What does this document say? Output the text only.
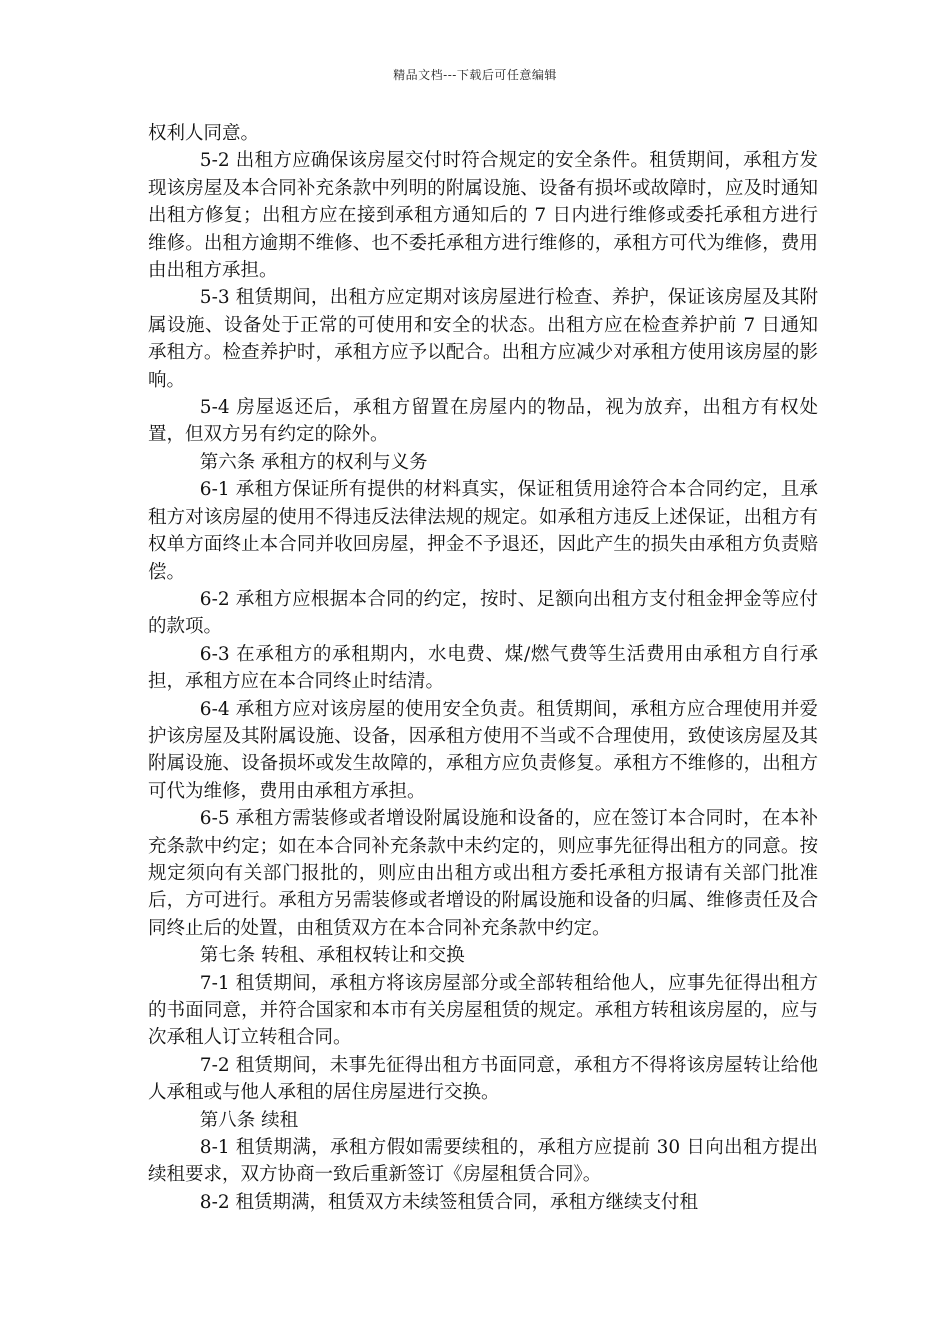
精品文档---下载后可任意编辑

权利人同意。

5-2 出租方应确保该房屋交付时符合规定的安全条件。租赁期间，承租方发现该房屋及本合同补充条款中列明的附属设施、设备有损坏或故障时，应及时通知出租方修复；出租方应在接到承租方通知后的 7 日内进行维修或委托承租方进行维修。出租方逾期不维修、也不委托承租方进行维修的，承租方可代为维修，费用由出租方承担。

5-3 租赁期间，出租方应定期对该房屋进行检查、养护，保证该房屋及其附属设施、设备处于正常的可使用和安全的状态。出租方应在检查养护前 7 日通知承租方。检查养护时，承租方应予以配合。出租方应减少对承租方使用该房屋的影响。

5-4 房屋返还后，承租方留置在房屋内的物品，视为放弃，出租方有权处置，但双方另有约定的除外。

第六条 承租方的权利与义务

6-1 承租方保证所有提供的材料真实，保证租赁用途符合本合同约定，且承租方对该房屋的使用不得违反法律法规的规定。如承租方违反上述保证，出租方有权单方面终止本合同并收回房屋，押金不予退还，因此产生的损失由承租方负责赔偿。

6-2 承租方应根据本合同的约定，按时、足额向出租方支付租金押金等应付的款项。

6-3 在承租方的承租期内，水电费、煤/燃气费等生活费用由承租方自行承担，承租方应在本合同终止时结清。

6-4 承租方应对该房屋的使用安全负责。租赁期间，承租方应合理使用并爱护该房屋及其附属设施、设备，因承租方使用不当或不合理使用，致使该房屋及其附属设施、设备损坏或发生故障的，承租方应负责修复。承租方不维修的，出租方可代为维修，费用由承租方承担。

6-5 承租方需装修或者增设附属设施和设备的，应在签订本合同时，在本补充条款中约定；如在本合同补充条款中未约定的，则应事先征得出租方的同意。按规定须向有关部门报批的，则应由出租方或出租方委托承租方报请有关部门批准后，方可进行。承租方另需装修或者增设的附属设施和设备的归属、维修责任及合同终止后的处置，由租赁双方在本合同补充条款中约定。

第七条 转租、承租权转让和交换

7-1 租赁期间，承租方将该房屋部分或全部转租给他人，应事先征得出租方的书面同意，并符合国家和本市有关房屋租赁的规定。承租方转租该房屋的，应与次承租人订立转租合同。

7-2 租赁期间，未事先征得出租方书面同意，承租方不得将该房屋转让给他人承租或与他人承租的居住房屋进行交换。

第八条 续租

8-1 租赁期满，承租方假如需要续租的，承租方应提前 30 日向出租方提出续租要求，双方协商一致后重新签订《房屋租赁合同》。

8-2 租赁期满，租赁双方未续签租赁合同，承租方继续支付租
